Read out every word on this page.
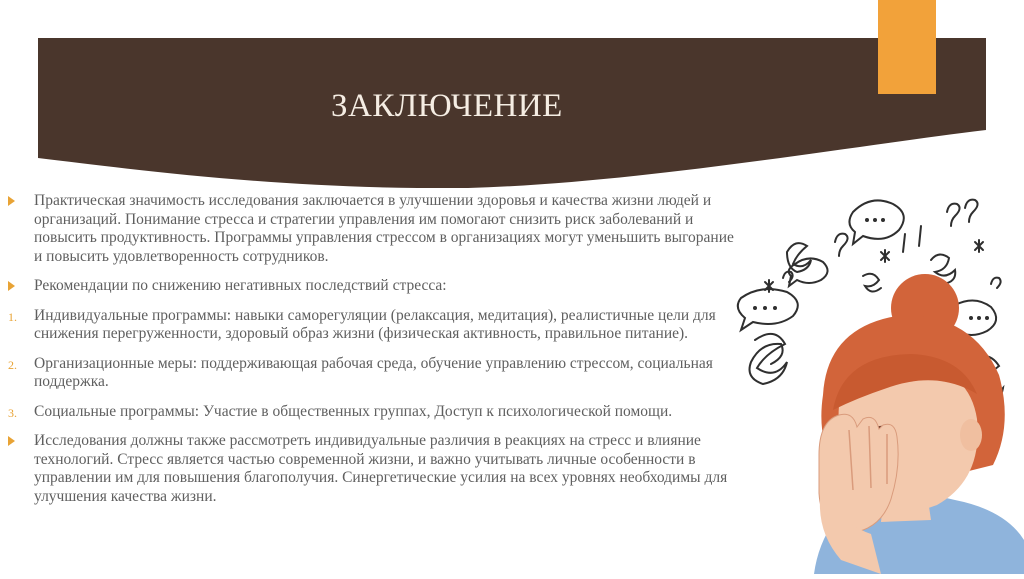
ЗАКЛЮЧЕНИЕ
Практическая значимость исследования заключается в улучшении здоровья и качества жизни людей и организаций. Понимание стресса и стратегии управления им помогают снизить риск заболеваний и повысить продуктивность. Программы управления стрессом в организациях могут уменьшить выгорание и повысить удовлетворенность сотрудников.
Рекомендации по снижению негативных последствий стресса:
1.	Индивидуальные программы: навыки саморегуляции (релаксация, медитация), реалистичные цели для снижения перегруженности, здоровый образ жизни (физическая активность, правильное питание).
2.	Организационные меры: поддерживающая рабочая среда, обучение управлению стрессом, социальная поддержка.
3.	Социальные программы: Участие в общественных группах, Доступ к психологической помощи.
Исследования должны также рассмотреть индивидуальные различия в реакциях на стресс и влияние технологий. Стресс является частью современной жизни, и важно учитывать личные особенности в управлении им для повышения благополучия. Синергетические усилия на всех уровнях необходимы для улучшения качества жизни.
